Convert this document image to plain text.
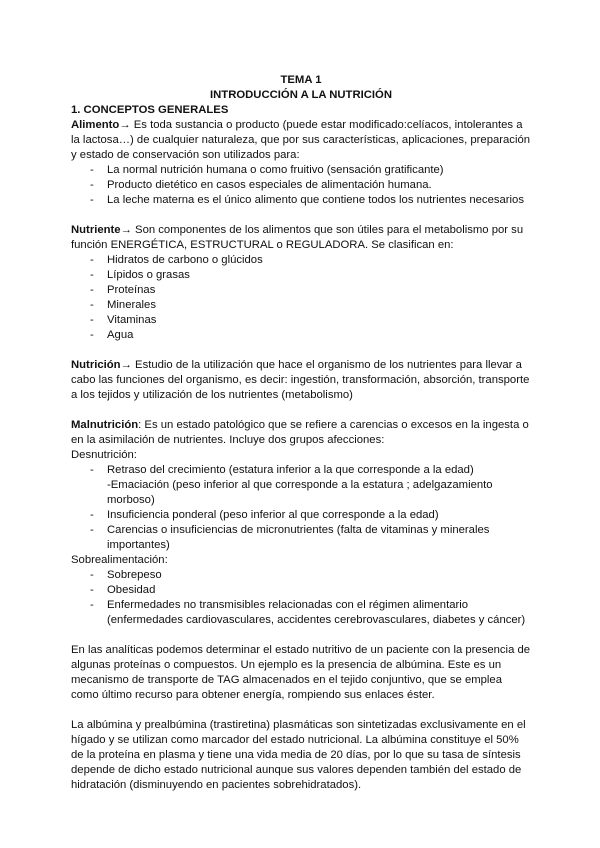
TEMA 1
INTRODUCCIÓN A LA NUTRICIÓN
1. CONCEPTOS GENERALES

Alimento→ Es toda sustancia o producto (puede estar modificado:celíacos, intolerantes a la lactosa…) de cualquier naturaleza, que por sus características, aplicaciones, preparación y estado de conservación son utilizados para:

- La normal nutrición humana o como fruitivo (sensación gratificante)
- Producto dietético en casos especiales de alimentación humana.
- La leche materna es el único alimento que contiene todos los nutrientes necesarios

Nutriente→ Son componentes de los alimentos que son útiles para el metabolismo por su función ENERGÉTICA, ESTRUCTURAL o REGULADORA. Se clasifican en:

- Hidratos de carbono o glúcidos
- Lípidos o grasas
- Proteínas
- Minerales
- Vitaminas
- Agua

Nutrición→ Estudio de la utilización que hace el organismo de los nutrientes para llevar a cabo las funciones del organismo, es decir: ingestión, transformación, absorción, transporte a los tejidos y utilización de los nutrientes (metabolismo)

Malnutrición: Es un estado patológico que se refiere a carencias o excesos en la ingesta o en la asimilación de nutrientes. Incluye dos grupos afecciones:

Desnutrición:
- Retraso del crecimiento (estatura inferior a la que corresponde a la edad)
-Emaciación (peso inferior al que corresponde a la estatura ; adelgazamiento morboso)
- Insuficiencia ponderal (peso inferior al que corresponde a la edad)
- Carencias o insuficiencias de micronutrientes (falta de vitaminas y minerales importantes)
Sobrealimentación:
- Sobrepeso
- Obesidad
- Enfermedades no transmisibles relacionadas con el régimen alimentario (enfermedades cardiovasculares, accidentes cerebrovasculares, diabetes y cáncer)

En las analíticas podemos determinar el estado nutritivo de un paciente con la presencia de algunas proteínas o compuestos. Un ejemplo es la presencia de albúmina. Este es un mecanismo de transporte de TAG almacenados en el tejido conjuntivo, que se emplea como último recurso para obtener energía, rompiendo sus enlaces éster.

La albúmina y prealbúmina (trastiretina) plasmáticas son sintetizadas exclusivamente en el hígado y se utilizan como marcador del estado nutricional. La albúmina constituye el 50% de la proteína en plasma y tiene una vida media de 20 días, por lo que su tasa de síntesis depende de dicho estado nutricional aunque sus valores dependen también del estado de hidratación (disminuyendo en pacientes sobrehidratados).
